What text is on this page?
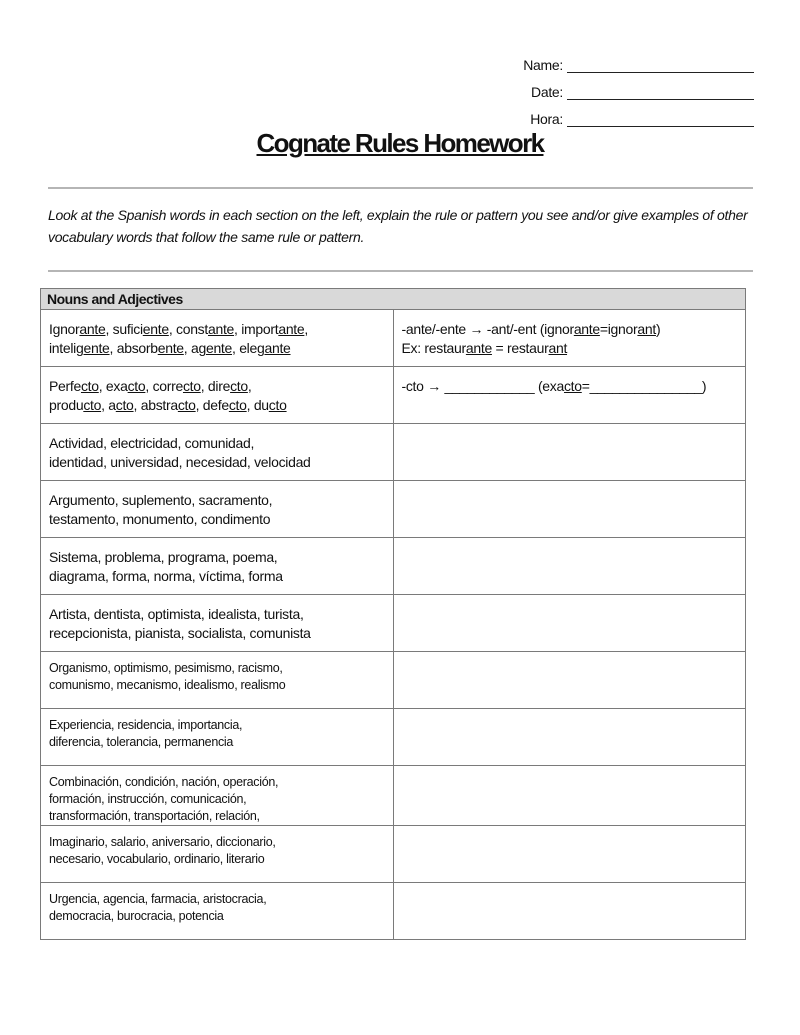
Name:
Date:
Hora:
Cognate Rules Homework
Look at the Spanish words in each section on the left, explain the rule or pattern you see and/or give examples of other vocabulary words that follow the same rule or pattern.
Nouns and Adjectives	

Ignorante, suficiente, constante, importante,
inteligente, absorbente, agente, elegante	-ante/-ente → -ant/-ent (ignorante=ignorant)
Ex: restaurante = restaurant

Perfecto, exacto, correcto, directo,
producto, acto, abstracto, defecto, ducto	-cto → ____________ (exacto=_______________)

Actividad, electricidad, comunidad,
identidad, universidad, necesidad, velocidad	

Argumento, suplemento, sacramento,
testamento, monumento, condimento	

Sistema, problema, programa, poema,
diagrama, forma, norma, víctima, forma	

Artista, dentista, optimista, idealista, turista,
recepcionista, pianista, socialista, comunista	

Organismo, optimismo, pesimismo, racismo,
comunismo, mecanismo, idealismo, realismo	

Experiencia, residencia, importancia,
diferencia, tolerancia, permanencia	

Combinación, condición, nación, operación,
formación, instrucción, comunicación,
transformación, transportación, relación,	

Imaginario, salario, aniversario, diccionario,
necesario, vocabulario, ordinario, literario	

Urgencia, agencia, farmacia, aristocracia,
democracia, burocracia, potencia	
